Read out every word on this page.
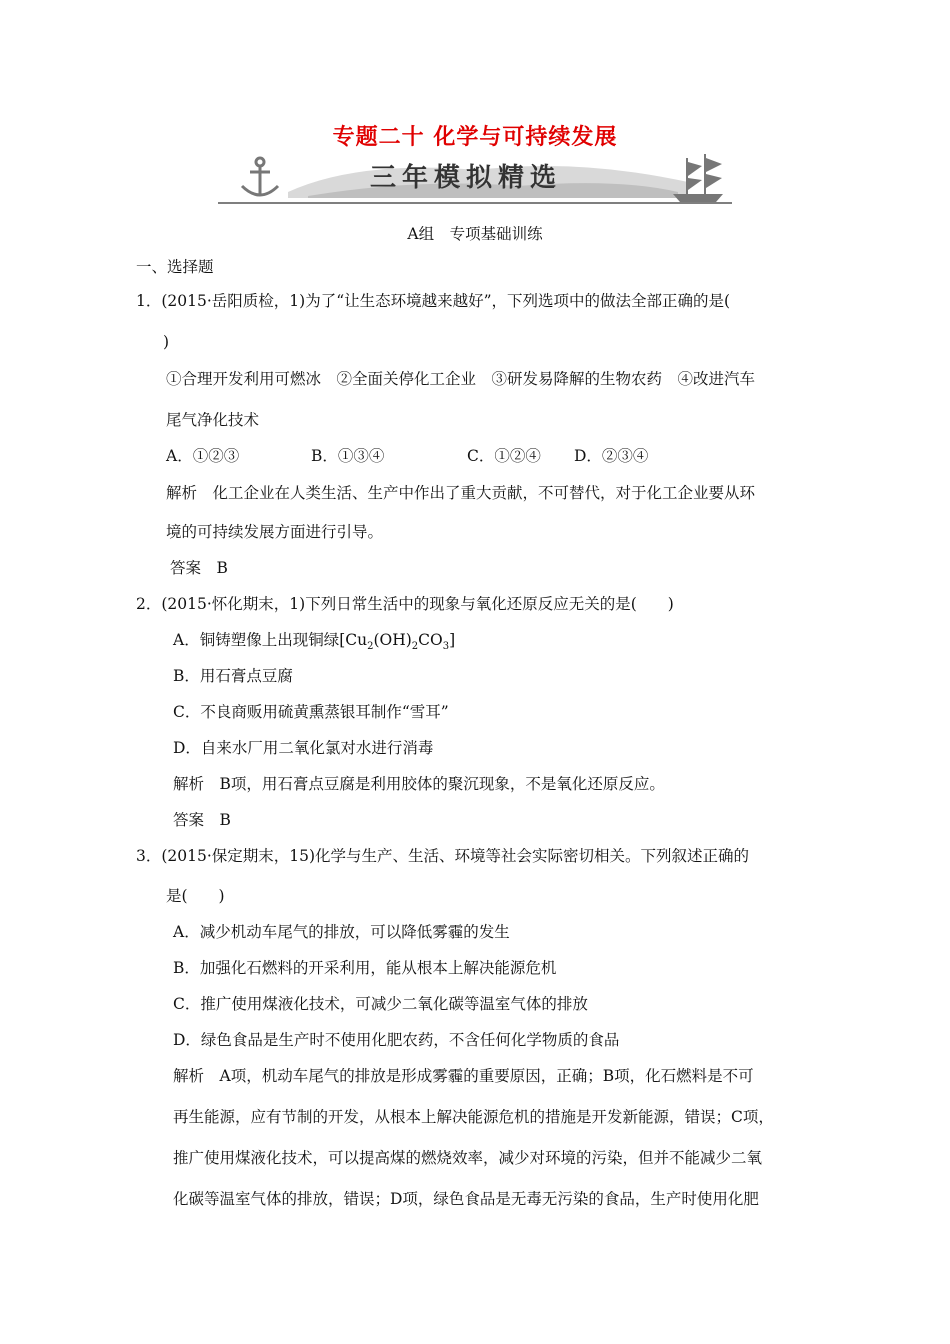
专题二十 化学与可持续发展
三年模拟精选
A组　专项基础训练
一、选择题
1．(2015·岳阳质检，1)为了“让生态环境越来越好”，下列选项中的做法全部正确的是(
)
①合理开发利用可燃冰　②全面关停化工企业　③研发易降解的生物农药　④改进汽车
尾气净化技术
A．①②③	B．①③④	C．①②④ D．②③④
解析　化工企业在人类生活、生产中作出了重大贡献，不可替代，对于化工企业要从环
境的可持续发展方面进行引导。
答案　B
2．(2015·怀化期末，1)下列日常生活中的现象与氧化还原反应无关的是(　　)
A．铜铸塑像上出现铜绿$[Cu_2(OH)_2CO_3]$
B．用石膏点豆腐
C．不良商贩用硫黄熏蒸银耳制作“雪耳”
D．自来水厂用二氧化氯对水进行消毒
解析　B项，用石膏点豆腐是利用胶体的聚沉现象，不是氧化还原反应。
答案　B
3．(2015·保定期末，15)化学与生产、生活、环境等社会实际密切相关。下列叙述正确的
是(　　)
A．减少机动车尾气的排放，可以降低雾霾的发生
B．加强化石燃料的开采利用，能从根本上解决能源危机
C．推广使用煤液化技术，可减少二氧化碳等温室气体的排放
D．绿色食品是生产时不使用化肥农药，不含任何化学物质的食品
解析　A项，机动车尾气的排放是形成雾霾的重要原因，正确；B项，化石燃料是不可
再生能源，应有节制的开发，从根本上解决能源危机的措施是开发新能源，错误；C项，
推广使用煤液化技术，可以提高煤的燃烧效率，减少对环境的污染，但并不能减少二氧
化碳等温室气体的排放，错误；D项，绿色食品是无毒无污染的食品，生产时使用化肥
